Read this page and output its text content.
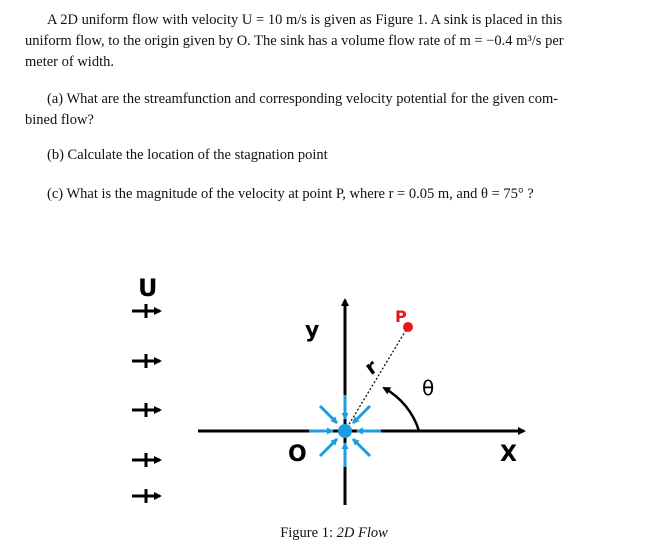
A 2D uniform flow with velocity U = 10 m/s is given as Figure 1. A sink is placed in this
uniform flow, to the origin given by O. The sink has a volume flow rate of m = −0.4 m³/s per
meter of width.
(a) What are the streamfunction and corresponding velocity potential for the given com-
bined flow?
(b) Calculate the location of the stagnation point
(c) What is the magnitude of the velocity at point P, where r = 0.05 m, and θ = 75° ?
U
y
X
O
P
r
θ
Figure 1: 2D Flow
